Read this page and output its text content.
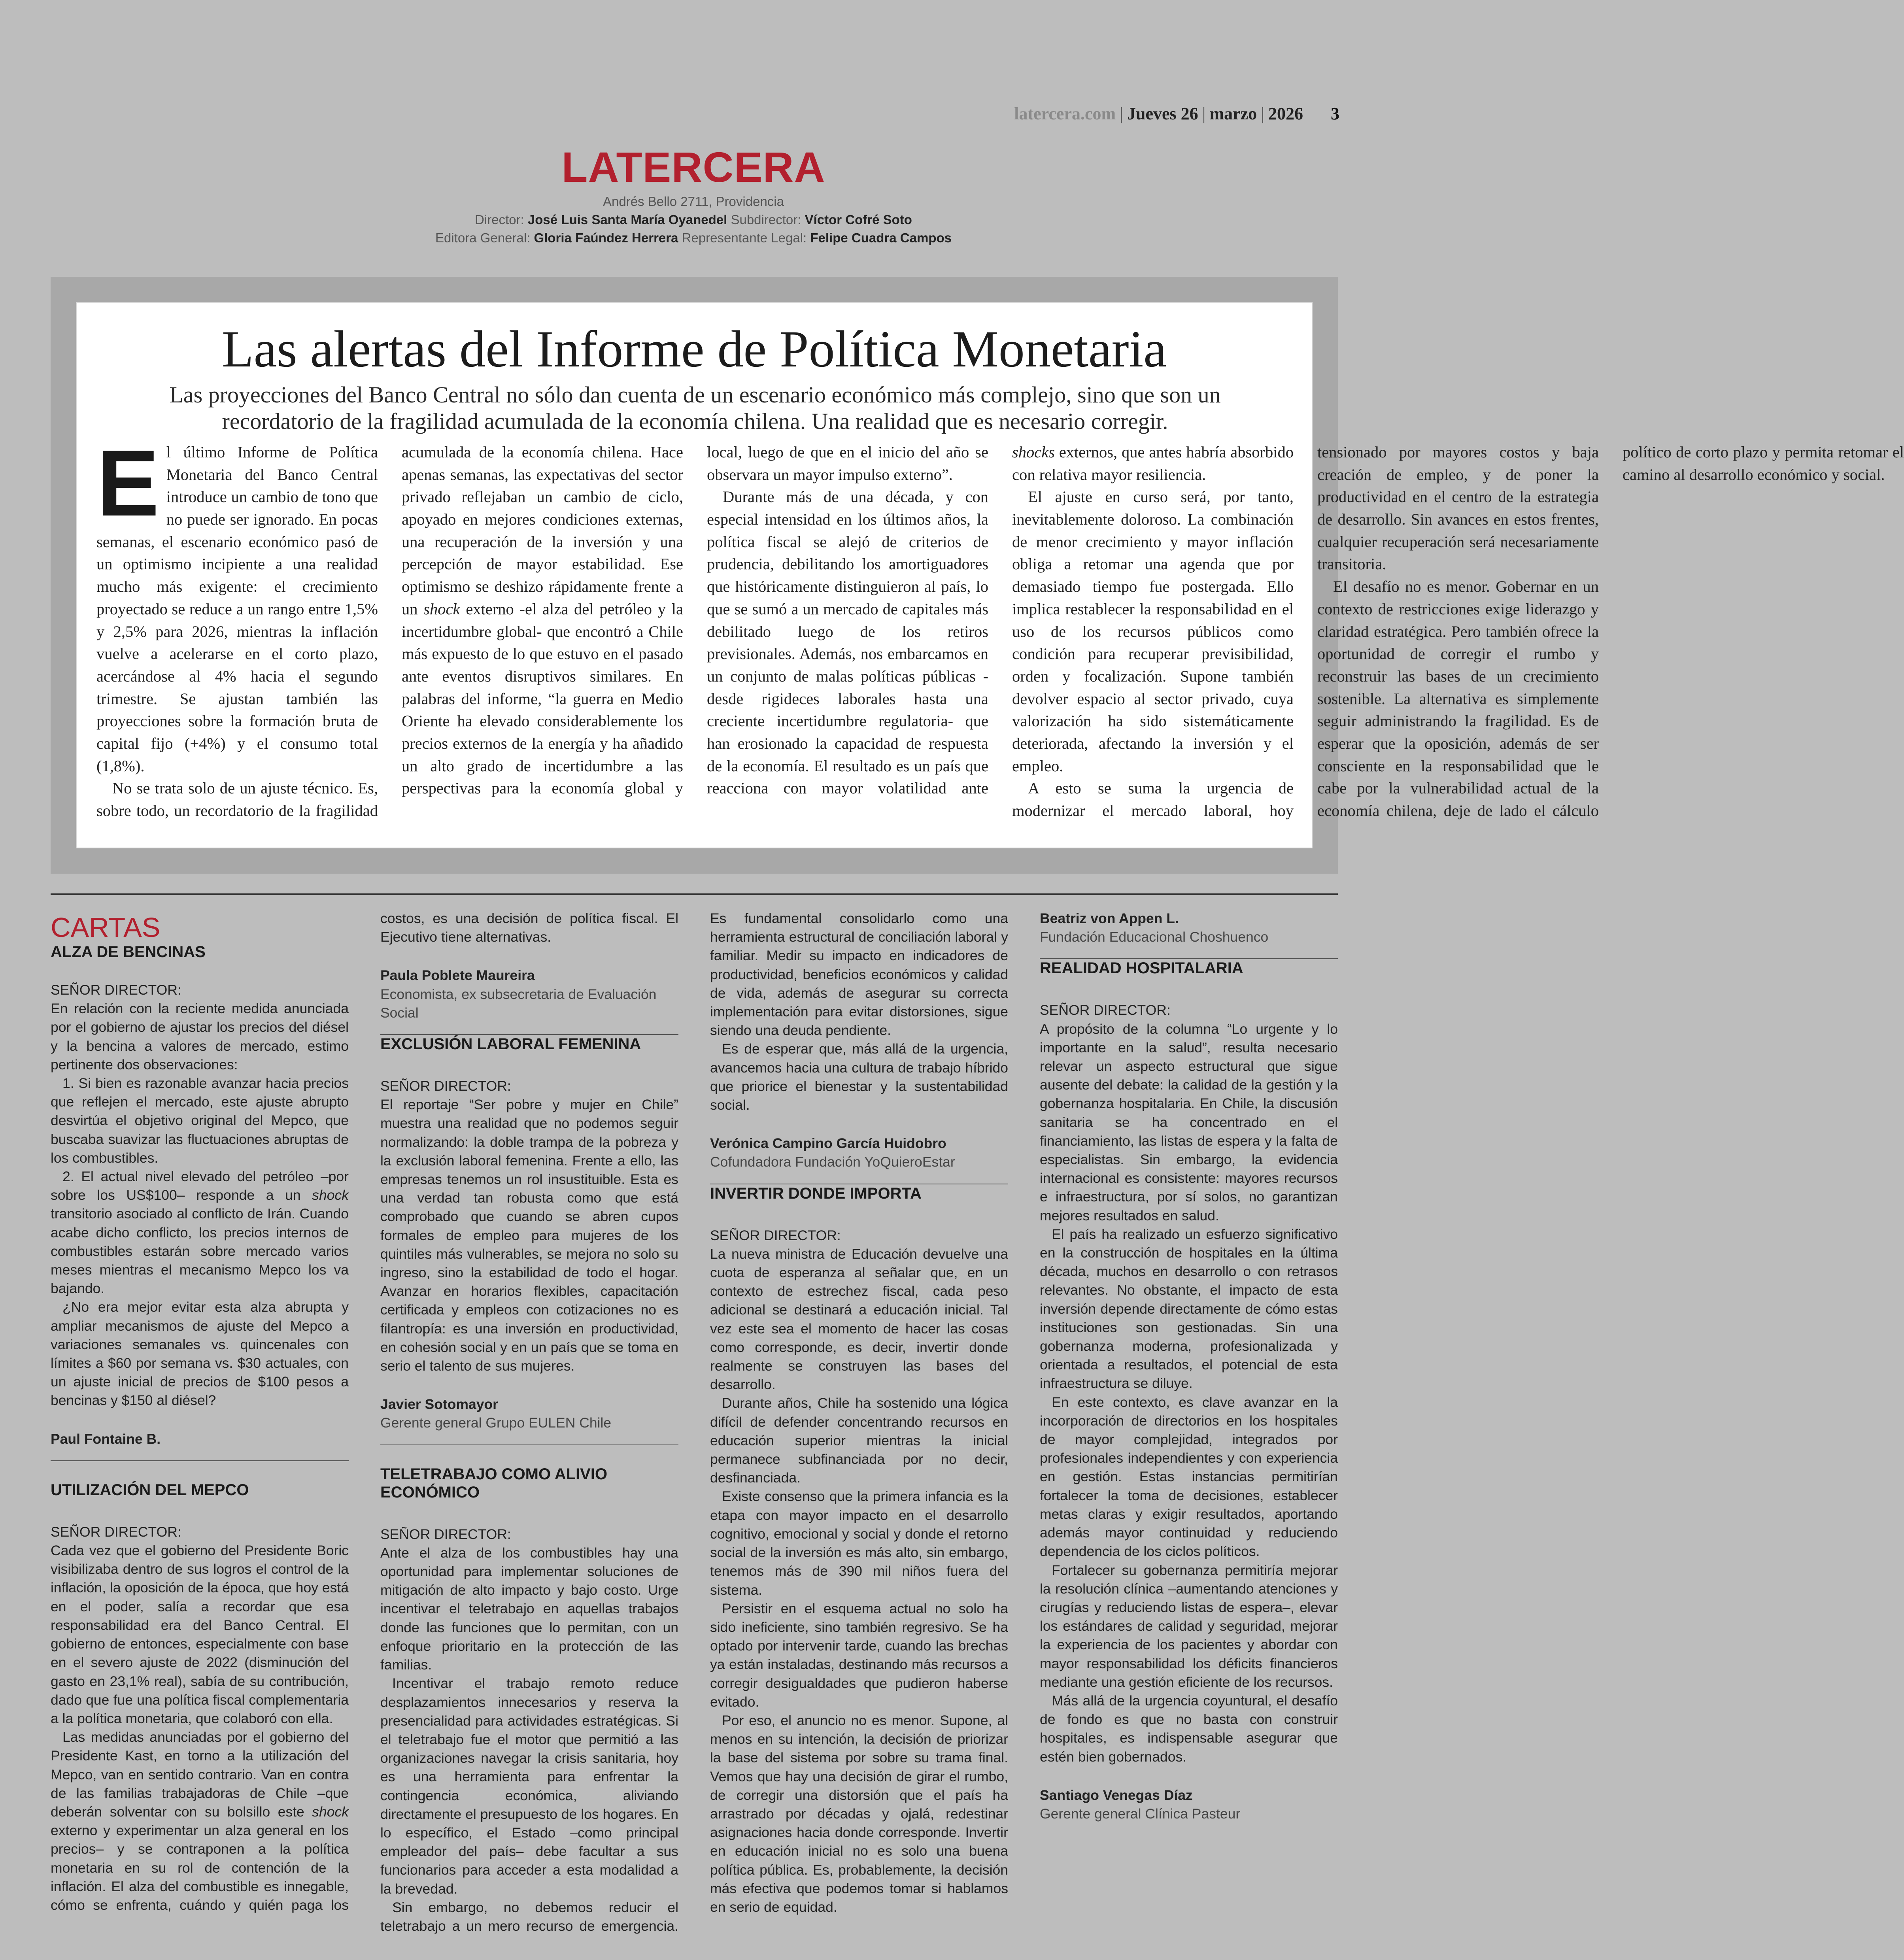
latercera.com | Jueves 26 | marzo | 2026 3
LATERCERA
Andrés Bello 2711, Providencia
Director: José Luis Santa María Oyanedel Subdirector: Víctor Cofré Soto
Editora General: Gloria Faúndez Herrera Representante Legal: Felipe Cuadra Campos
Las alertas del Informe de Política Monetaria
Las proyecciones del Banco Central no sólo dan cuenta de un escenario económico más complejo, sino que son un recordatorio de la fragilidad acumulada de la economía chilena. Una realidad que es necesario corregir.

El último Informe de Política Monetaria del Banco Central introduce un cambio de tono que no puede ser ignorado. En pocas semanas, el escenario económico pasó de un optimismo incipiente a una realidad mucho más exigente: el crecimiento proyectado se reduce a un rango entre 1,5% y 2,5% para 2026, mientras la inflación vuelve a acelerarse en el corto plazo, acercándose al 4% hacia el segundo trimestre. Se ajustan también las proyecciones sobre la formación bruta de capital fijo (+4%) y el consumo total (1,8%).

No se trata solo de un ajuste técnico. Es, sobre todo, un recordatorio de la fragilidad acumulada de la economía chilena. Hace apenas semanas, las expectativas del sector privado reflejaban un cambio de ciclo, apoyado en mejores condiciones externas, una recuperación de la inversión y una percepción de mayor estabilidad. Ese optimismo se deshizo rápidamente frente a un shock externo -el alza del petróleo y la incertidumbre global- que encontró a Chile más expuesto de lo que estuvo en el pasado ante eventos disruptivos similares. En palabras del informe, “la guerra en Medio Oriente ha elevado considerablemente los precios externos de la energía y ha añadido un alto grado de incertidumbre a las perspectivas para la economía global y local, luego de que en el inicio del año se observara un mayor impulso externo”.

Durante más de una década, y con especial intensidad en los últimos años, la política fiscal se alejó de criterios de prudencia, debilitando los amortiguadores que históricamente distinguieron al país, lo que se sumó a un mercado de capitales más debilitado luego de los retiros previsionales. Además, nos embarcamos en un conjunto de malas políticas públicas -desde rigideces laborales hasta una creciente incertidumbre regulatoria- que han erosionado la capacidad de respuesta de la economía. El resultado es un país que reacciona con mayor volatilidad ante shocks externos, que antes habría absorbido con relativa mayor resiliencia.

El ajuste en curso será, por tanto, inevitablemente doloroso. La combinación de menor crecimiento y mayor inflación obliga a retomar una agenda que por demasiado tiempo fue postergada. Ello implica restablecer la responsabilidad en el uso de los recursos públicos como condición para recuperar previsibilidad, orden y focalización. Supone también devolver espacio al sector privado, cuya valorización ha sido sistemáticamente deteriorada, afectando la inversión y el empleo.

A esto se suma la urgencia de modernizar el mercado laboral, hoy tensionado por mayores costos y baja creación de empleo, y de poner la productividad en el centro de la estrategia de desarrollo. Sin avances en estos frentes, cualquier recuperación será necesariamente transitoria.

El desafío no es menor. Gobernar en un contexto de restricciones exige liderazgo y claridad estratégica. Pero también ofrece la oportunidad de corregir el rumbo y reconstruir las bases de un crecimiento sostenible. La alternativa es simplemente seguir administrando la fragilidad. Es de esperar que la oposición, además de ser consciente en la responsabilidad que le cabe por la vulnerabilidad actual de la economía chilena, deje de lado el cálculo político de corto plazo y permita retomar el camino al desarrollo económico y social.

CARTAS
ALZA DE BENCINAS

SEÑOR DIRECTOR:

En relación con la reciente medida anunciada por el gobierno de ajustar los precios del diésel y la bencina a valores de mercado, estimo pertinente dos observaciones:

1. Si bien es razonable avanzar hacia precios que reflejen el mercado, este ajuste abrupto desvirtúa el objetivo original del Mepco, que buscaba suavizar las fluctuaciones abruptas de los combustibles.

2. El actual nivel elevado del petróleo –por sobre los US$100– responde a un shock transitorio asociado al conflicto de Irán. Cuando acabe dicho conflicto, los precios internos de combustibles estarán sobre mercado varios meses mientras el mecanismo Mepco los va bajando.

¿No era mejor evitar esta alza abrupta y ampliar mecanismos de ajuste del Mepco a variaciones semanales vs. quincenales con límites a $60 por semana vs. $30 actuales, con un ajuste inicial de precios de $100 pesos a bencinas y $150 al diésel?

Paul Fontaine B.
UTILIZACIÓN DEL MEPCO

SEÑOR DIRECTOR:

Cada vez que el gobierno del Presidente Boric visibilizaba dentro de sus logros el control de la inflación, la oposición de la época, que hoy está en el poder, salía a recordar que esa responsabilidad era del Banco Central. El gobierno de entonces, especialmente con base en el severo ajuste de 2022 (disminución del gasto en 23,1% real), sabía de su contribución, dado que fue una política fiscal complementaria a la política monetaria, que colaboró con ella.

Las medidas anunciadas por el gobierno del Presidente Kast, en torno a la utilización del Mepco, van en sentido contrario. Van en contra de las familias trabajadoras de Chile –que deberán solventar con su bolsillo este shock externo y experimentar un alza general en los precios– y se contraponen a la política monetaria en su rol de contención de la inflación. El alza del combustible es innegable, cómo se enfrenta, cuándo y quién paga los costos, es una decisión de política fiscal. El Ejecutivo tiene alternativas.

Paula Poblete Maureira
Economista, ex subsecretaria de Evaluación Social
EXCLUSIÓN LABORAL FEMENINA

SEÑOR DIRECTOR:

El reportaje “Ser pobre y mujer en Chile” muestra una realidad que no podemos seguir normalizando: la doble trampa de la pobreza y la exclusión laboral femenina. Frente a ello, las empresas tenemos un rol insustituible. Esta es una verdad tan robusta como que está comprobado que cuando se abren cupos formales de empleo para mujeres de los quintiles más vulnerables, se mejora no solo su ingreso, sino la estabilidad de todo el hogar. Avanzar en horarios flexibles, capacitación certificada y empleos con cotizaciones no es filantropía: es una inversión en productividad, en cohesión social y en un país que se toma en serio el talento de sus mujeres.

Javier Sotomayor
Gerente general Grupo EULEN Chile
TELETRABAJO COMO ALIVIO ECONÓMICO

SEÑOR DIRECTOR:

Ante el alza de los combustibles hay una oportunidad para implementar soluciones de mitigación de alto impacto y bajo costo. Urge incentivar el teletrabajo en aquellas trabajos donde las funciones que lo permitan, con un enfoque prioritario en la protección de las familias.

Incentivar el trabajo remoto reduce desplazamientos innecesarios y reserva la presencialidad para actividades estratégicas. Si el teletrabajo fue el motor que permitió a las organizaciones navegar la crisis sanitaria, hoy es una herramienta para enfrentar la contingencia económica, aliviando directamente el presupuesto de los hogares. En lo específico, el Estado –como principal empleador del país– debe facultar a sus funcionarios para acceder a esta modalidad a la brevedad.

Sin embargo, no debemos reducir el teletrabajo a un mero recurso de emergencia. Es fundamental consolidarlo como una herramienta estructural de conciliación laboral y familiar. Medir su impacto en indicadores de productividad, beneficios económicos y calidad de vida, además de asegurar su correcta implementación para evitar distorsiones, sigue siendo una deuda pendiente.

Es de esperar que, más allá de la urgencia, avancemos hacia una cultura de trabajo híbrido que priorice el bienestar y la sustentabilidad social.

Verónica Campino García Huidobro
Cofundadora Fundación YoQuieroEstar
INVERTIR DONDE IMPORTA

SEÑOR DIRECTOR:

La nueva ministra de Educación devuelve una cuota de esperanza al señalar que, en un contexto de estrechez fiscal, cada peso adicional se destinará a educación inicial. Tal vez este sea el momento de hacer las cosas como corresponde, es decir, invertir donde realmente se construyen las bases del desarrollo.

Durante años, Chile ha sostenido una lógica difícil de defender concentrando recursos en educación superior mientras la inicial permanece subfinanciada por no decir, desfinanciada.

Existe consenso que la primera infancia es la etapa con mayor impacto en el desarrollo cognitivo, emocional y social y donde el retorno social de la inversión es más alto, sin embargo, tenemos más de 390 mil niños fuera del sistema.

Persistir en el esquema actual no solo ha sido ineficiente, sino también regresivo. Se ha optado por intervenir tarde, cuando las brechas ya están instaladas, destinando más recursos a corregir desigualdades que pudieron haberse evitado.

Por eso, el anuncio no es menor. Supone, al menos en su intención, la decisión de priorizar la base del sistema por sobre su trama final. Vemos que hay una decisión de girar el rumbo, de corregir una distorsión que el país ha arrastrado por décadas y ojalá, redestinar asignaciones hacia donde corresponde. Invertir en educación inicial no es solo una buena política pública. Es, probablemente, la decisión más efectiva que podemos tomar si hablamos en serio de equidad.

Beatriz von Appen L.
Fundación Educacional Choshuenco
REALIDAD HOSPITALARIA

SEÑOR DIRECTOR:

A propósito de la columna “Lo urgente y lo importante en la salud”, resulta necesario relevar un aspecto estructural que sigue ausente del debate: la calidad de la gestión y la gobernanza hospitalaria. En Chile, la discusión sanitaria se ha concentrado en el financiamiento, las listas de espera y la falta de especialistas. Sin embargo, la evidencia internacional es consistente: mayores recursos e infraestructura, por sí solos, no garantizan mejores resultados en salud.

El país ha realizado un esfuerzo significativo en la construcción de hospitales en la última década, muchos en desarrollo o con retrasos relevantes. No obstante, el impacto de esta inversión depende directamente de cómo estas instituciones son gestionadas. Sin una gobernanza moderna, profesionalizada y orientada a resultados, el potencial de esta infraestructura se diluye.

En este contexto, es clave avanzar en la incorporación de directorios en los hospitales de mayor complejidad, integrados por profesionales independientes y con experiencia en gestión. Estas instancias permitirían fortalecer la toma de decisiones, establecer metas claras y exigir resultados, aportando además mayor continuidad y reduciendo dependencia de los ciclos políticos.

Fortalecer su gobernanza permitiría mejorar la resolución clínica –aumentando atenciones y cirugías y reduciendo listas de espera–, elevar los estándares de calidad y seguridad, mejorar la experiencia de los pacientes y abordar con mayor responsabilidad los déficits financieros mediante una gestión eficiente de los recursos.

Más allá de la urgencia coyuntural, el desafío de fondo es que no basta con construir hospitales, es indispensable asegurar que estén bien gobernados.

Santiago Venegas Díaz
Gerente general Clínica Pasteur
